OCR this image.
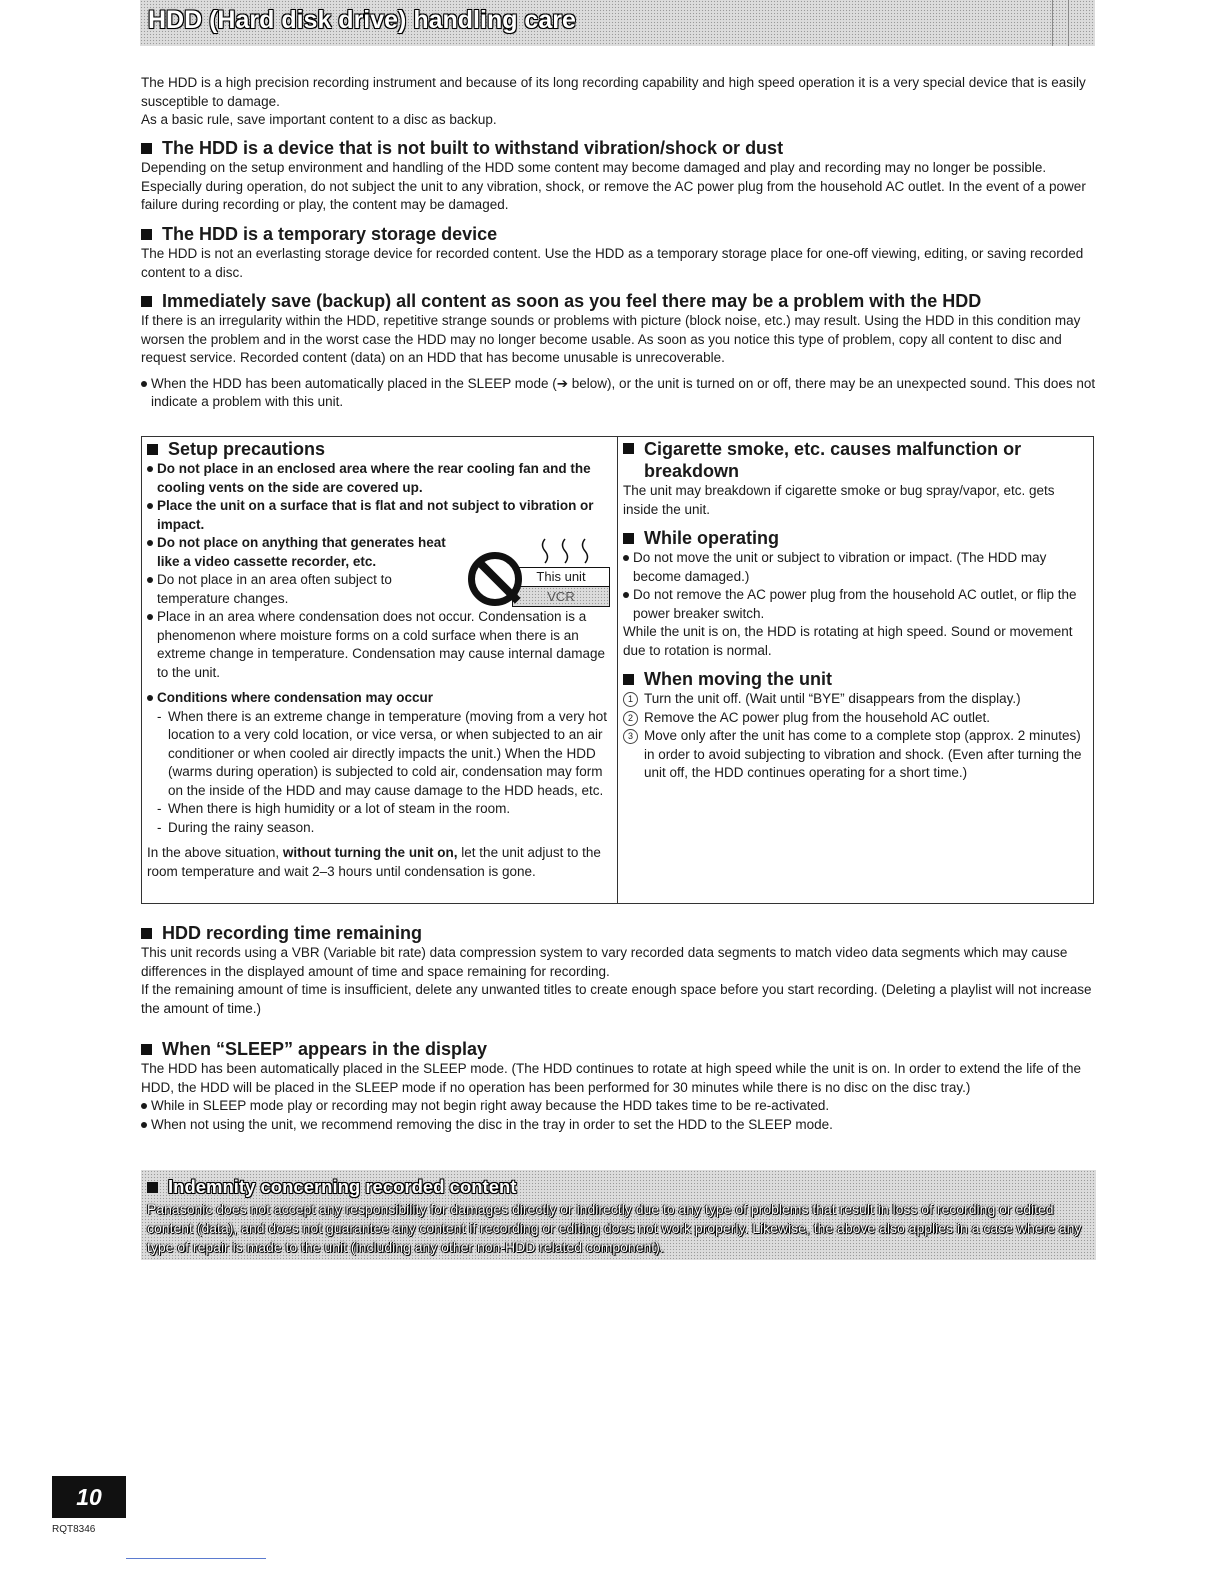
HDD (Hard disk drive) handling care

The HDD is a high precision recording instrument and because of its long recording capability and high speed operation it is a very special device that is easily susceptible to damage.

As a basic rule, save important content to a disc as backup.

The HDD is a device that is not built to withstand vibration/shock or dust

Depending on the setup environment and handling of the HDD some content may become damaged and play and recording may no longer be possible. Especially during operation, do not subject the unit to any vibration, shock, or remove the AC power plug from the household AC outlet. In the event of a power failure during recording or play, the content may be damaged.

The HDD is a temporary storage device

The HDD is not an everlasting storage device for recorded content. Use the HDD as a temporary storage place for one-off viewing, editing, or saving recorded content to a disc.

Immediately save (backup) all content as soon as you feel there may be a problem with the HDD

If there is an irregularity within the HDD, repetitive strange sounds or problems with picture (block noise, etc.) may result. Using the HDD in this condition may worsen the problem and in the worst case the HDD may no longer become usable. As soon as you notice this type of problem, copy all content to disc and request service. Recorded content (data) on an HDD that has become unusable is unrecoverable.

When the HDD has been automatically placed in the SLEEP mode (➔ below), or the unit is turned on or off, there may be an unexpected sound. This does not indicate a problem with this unit.
Setup precautions
Do not place in an enclosed area where the rear cooling fan and the cooling vents on the side are covered up.
Place the unit on a surface that is flat and not subject to vibration or impact.
Do not place on anything that generates heat like a video cassette recorder, etc.
Do not place in an area often subject to temperature changes.
Place in an area where condensation does not occur. Condensation is a phenomenon where moisture forms on a cold surface when there is an extreme change in temperature. Condensation may cause internal damage to the unit.
Conditions where condensation may occur
- When there is an extreme change in temperature (moving from a very hot location to a very cold location, or vice versa, or when subjected to an air conditioner or when cooled air directly impacts the unit.) When the HDD (warms during operation) is subjected to cold air, condensation may form on the inside of the HDD and may cause damage to the HDD heads, etc.
- When there is high humidity or a lot of steam in the room.
- During the rainy season.

In the above situation, without turning the unit on, let the unit adjust to the room temperature and wait 2–3 hours until condensation is gone.

This unit
VCR
Cigarette smoke, etc. causes malfunction or breakdown

The unit may breakdown if cigarette smoke or bug spray/vapor, etc. gets inside the unit.

While operating
Do not move the unit or subject to vibration or impact. (The HDD may become damaged.)
Do not remove the AC power plug from the household AC outlet, or flip the power breaker switch.

While the unit is on, the HDD is rotating at high speed. Sound or movement due to rotation is normal.

When moving the unit
1 Turn the unit off. (Wait until “BYE” disappears from the display.)
2 Remove the AC power plug from the household AC outlet.
3 Move only after the unit has come to a complete stop (approx. 2 minutes) in order to avoid subjecting to vibration and shock. (Even after turning the unit off, the HDD continues operating for a short time.)
HDD recording time remaining

This unit records using a VBR (Variable bit rate) data compression system to vary recorded data segments to match video data segments which may cause differences in the displayed amount of time and space remaining for recording.

If the remaining amount of time is insufficient, delete any unwanted titles to create enough space before you start recording. (Deleting a playlist will not increase the amount of time.)

When “SLEEP” appears in the display

The HDD has been automatically placed in the SLEEP mode. (The HDD continues to rotate at high speed while the unit is on. In order to extend the life of the HDD, the HDD will be placed in the SLEEP mode if no operation has been performed for 30 minutes while there is no disc on the disc tray.)

While in SLEEP mode play or recording may not begin right away because the HDD takes time to be re-activated.
When not using the unit, we recommend removing the disc in the tray in order to set the HDD to the SLEEP mode.
Indemnity concerning recorded content

Panasonic does not accept any responsibility for damages directly or indirectly due to any type of problems that result in loss of recording or edited content (data), and does not guarantee any content if recording or editing does not work properly. Likewise, the above also applies in a case where any type of repair is made to the unit (including any other non-HDD related component).

10
RQT8346
